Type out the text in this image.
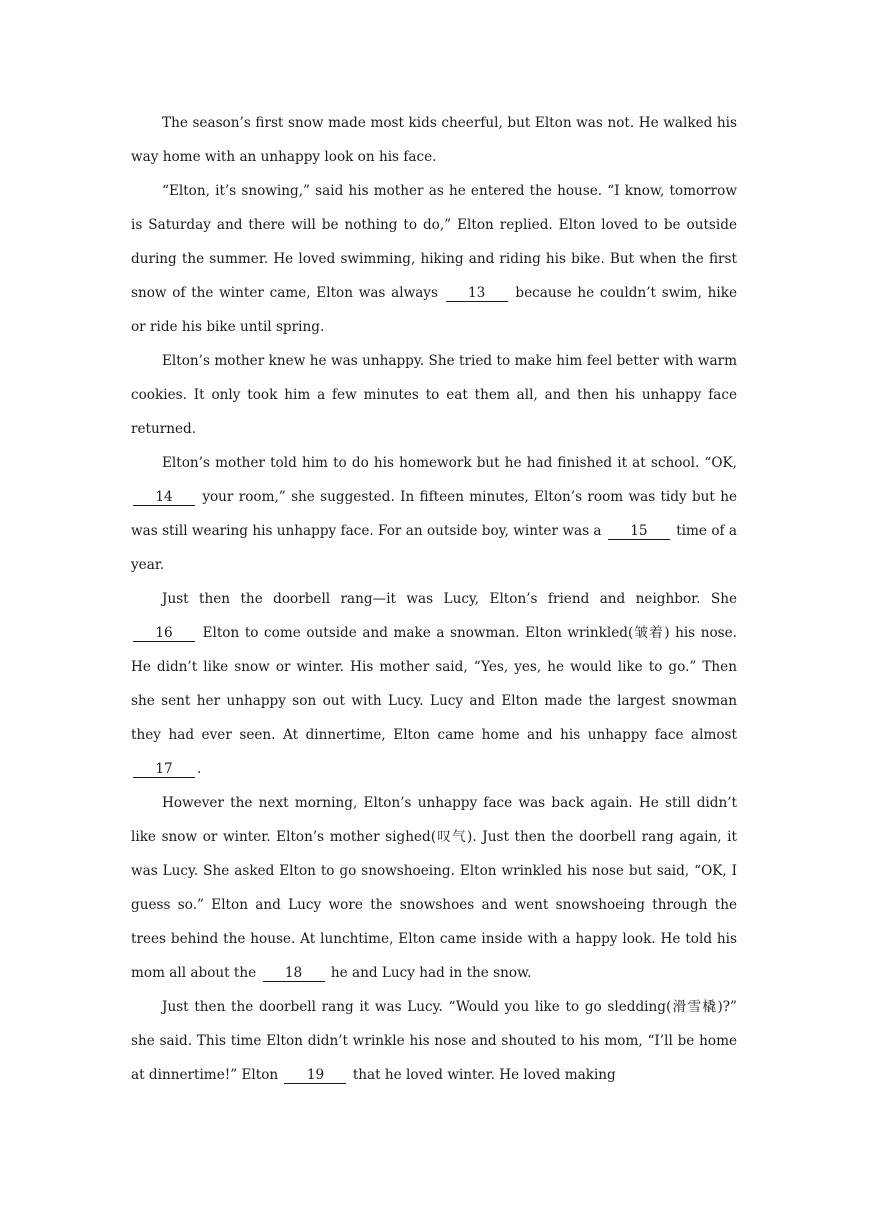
The season’s first snow made most kids cheerful, but Elton was not. He walked his way home with an unhappy look on his face.

“Elton, it’s snowing,” said his mother as he entered the house. “I know, tomorrow is Saturday and there will be nothing to do,” Elton replied. Elton loved to be outside during the summer. He loved swimming, hiking and riding his bike. But when the first snow of the winter came, Elton was always 13 because he couldn’t swim, hike or ride his bike until spring.

Elton’s mother knew he was unhappy. She tried to make him feel better with warm cookies. It only took him a few minutes to eat them all, and then his unhappy face returned.

Elton’s mother told him to do his homework but he had finished it at school. “OK, 14 your room,” she suggested. In fifteen minutes, Elton’s room was tidy but he was still wearing his unhappy face. For an outside boy, winter was a 15 time of a year.

Just then the doorbell rang—it was Lucy, Elton’s friend and neighbor. She 16 Elton to come outside and make a snowman. Elton wrinkled(皱着) his nose. He didn’t like snow or winter. His mother said, “Yes, yes, he would like to go.” Then she sent her unhappy son out with Lucy. Lucy and Elton made the largest snowman they had ever seen. At dinnertime, Elton came home and his unhappy face almost 17 .

However the next morning, Elton’s unhappy face was back again. He still didn’t like snow or winter. Elton’s mother sighed(叹气). Just then the doorbell rang again, it was Lucy. She asked Elton to go snowshoeing. Elton wrinkled his nose but said, “OK, I guess so.” Elton and Lucy wore the snowshoes and went snowshoeing through the trees behind the house. At lunchtime, Elton came inside with a happy look. He told his mom all about the 18 he and Lucy had in the snow.

Just then the doorbell rang it was Lucy. “Would you like to go sledding(滑雪橇)?” she said. This time Elton didn’t wrinkle his nose and shouted to his mom, “I’ll be home at dinnertime!” Elton 19 that he loved winter. He loved making
